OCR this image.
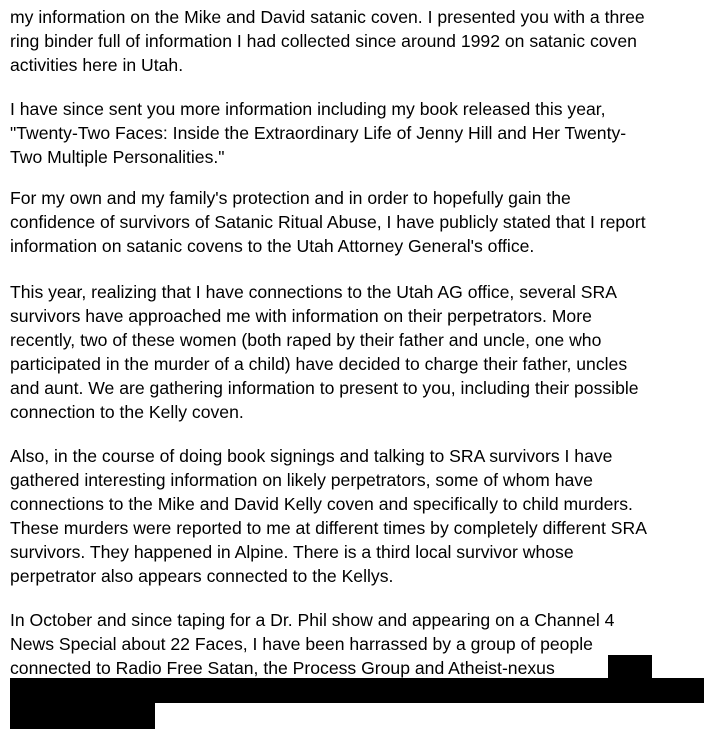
my information on the Mike and David satanic coven. I presented you with a three
ring binder full of information I had collected since around 1992 on satanic coven
activities here in Utah.
I have since sent you more information including my book released this year,
"Twenty-Two Faces: Inside the Extraordinary Life of Jenny Hill and Her Twenty-
Two Multiple Personalities."
For my own and my family's protection and in order to hopefully gain the
confidence of survivors of Satanic Ritual Abuse, I have publicly stated that I report
information on satanic covens to the Utah Attorney General's office.
This year, realizing that I have connections to the Utah AG office, several SRA
survivors have approached me with information on their perpetrators. More
recently, two of these women (both raped by their father and uncle, one who
participated in the murder of a child) have decided to charge their father, uncles
and aunt. We are gathering information to present to you, including their possible
connection to the Kelly coven.
Also, in the course of doing book signings and talking to SRA survivors I have
gathered interesting information on likely perpetrators, some of whom have
connections to the Mike and David Kelly coven and specifically to child murders.
These murders were reported to me at different times by completely different SRA
survivors. They happened in Alpine. There is a third local survivor whose
perpetrator also appears connected to the Kellys.
In October and since taping for a Dr. Phil show and appearing on a Channel 4
News Special about 22 Faces, I have been harrassed by a group of people
connected to Radio Free Satan, the Process Group and Atheist-nexus
